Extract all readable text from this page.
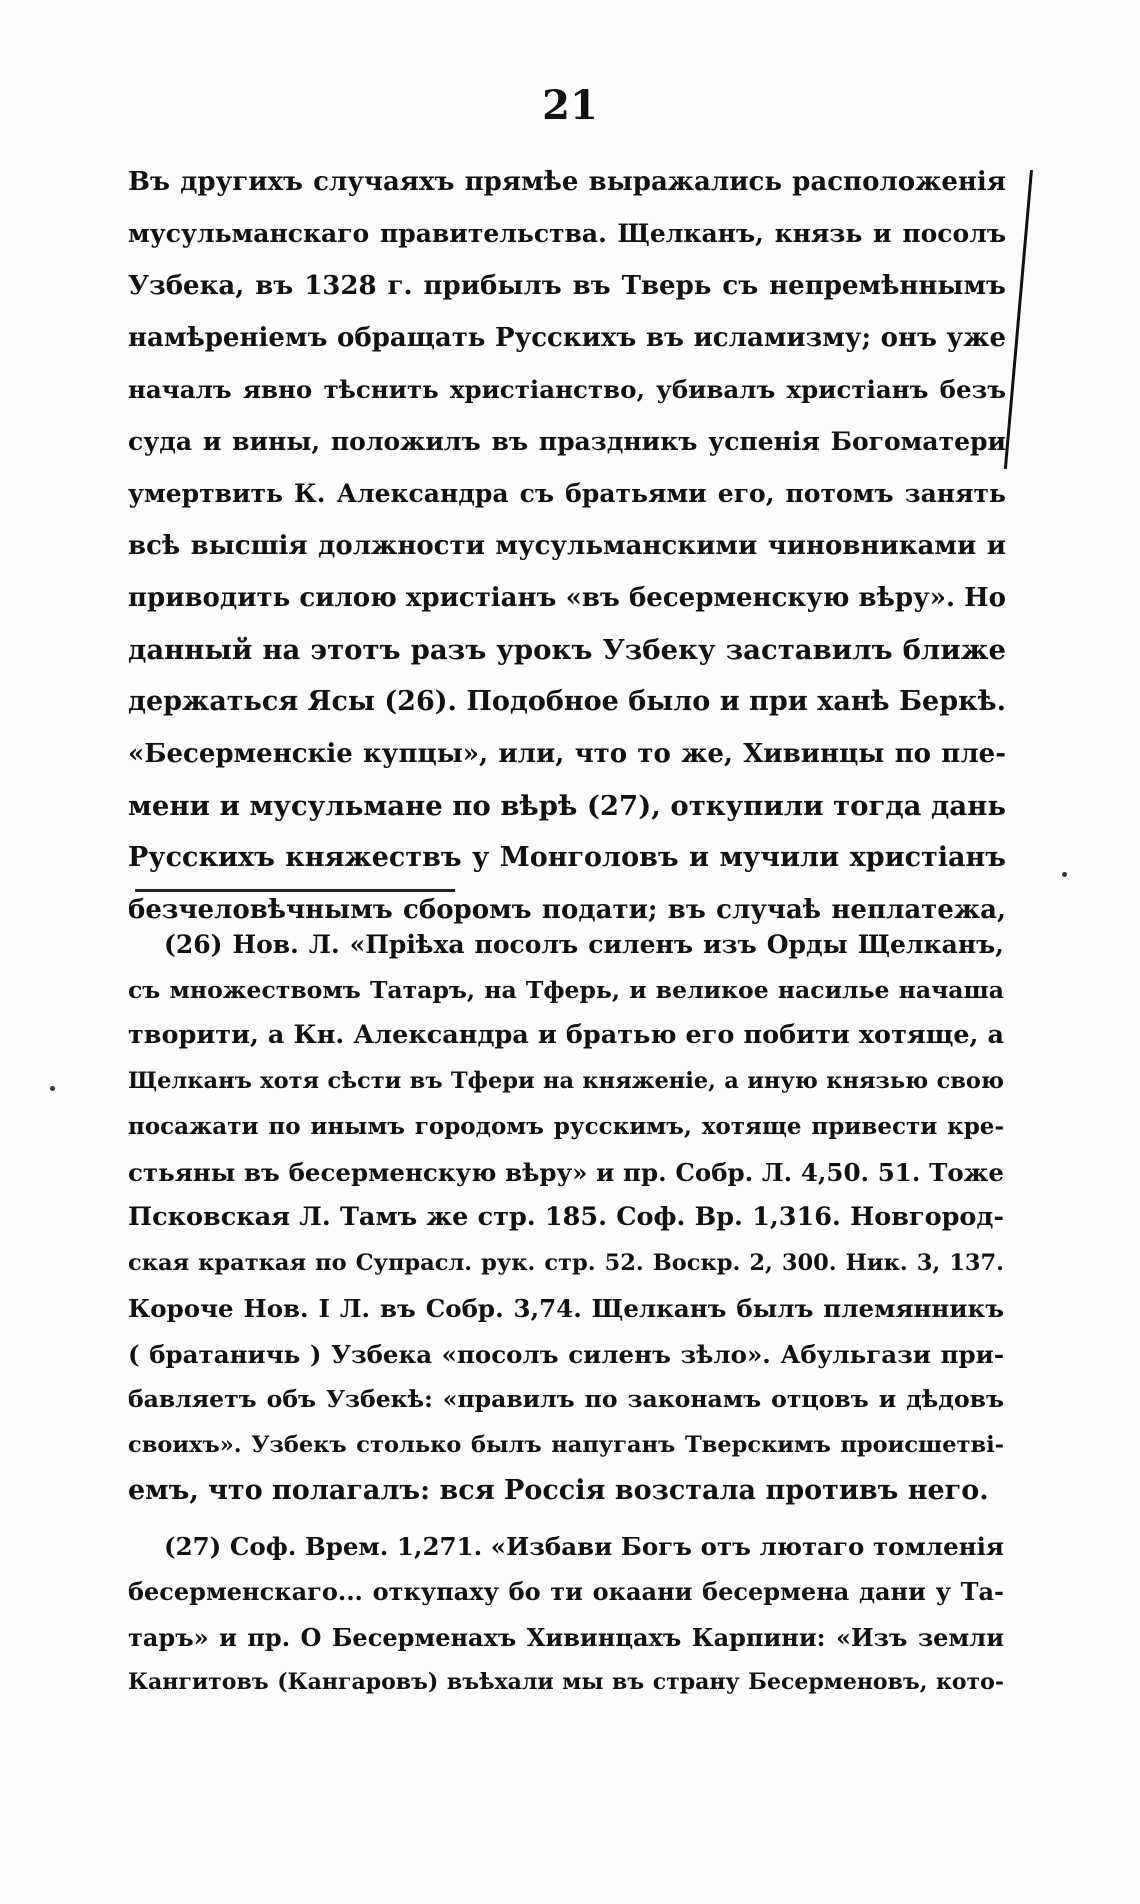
21
Въ другихъ случаяхъ прямѣе выражались расположенія
мусульманскаго правительства. Щелканъ, князь и посолъ
Узбека, въ 1328 г. прибылъ въ Тверь съ непремѣннымъ
намѣреніемъ обращать Русскихъ въ исламизму; онъ уже
началъ явно тѣснить христіанство, убивалъ христіанъ безъ
суда и вины, положилъ въ праздникъ успенія Богоматери
умертвить К. Александра съ братьями его, потомъ занять
всѣ высшія должности мусульманскими чиновниками и
приводить силою христіанъ «въ бесерменскую вѣру». Но
данный на этотъ разъ урокъ Узбеку заставилъ ближе
держаться Ясы (26). Подобное было и при ханѣ Беркѣ.
«Бесерменскіе купцы», или, что то же, Хивинцы по пле-
мени и мусульмане по вѣрѣ (27), откупили тогда дань
Русскихъ княжествъ у Монголовъ и мучили христіанъ
безчеловѣчнымъ сборомъ подати; въ случаѣ неплатежа,
(26) Нов. Л. «Пріѣха посолъ силенъ изъ Орды Щелканъ,
съ множествомъ Татаръ, на Тферь, и великое насилье начаша
творити, а Кн. Александра и братью его побити хотяще, а
Щелканъ хотя сѣсти въ Тфери на княженіе, а иную князью свою
посажати по инымъ городомъ русскимъ, хотяще привести кре-
стьяны въ бесерменскую вѣру» и пр. Собр. Л. 4,50. 51. Тоже
Псковская Л. Тамъ же стр. 185. Соф. Вр. 1,316. Новгород-
ская краткая по Супрасл. рук. стр. 52. Воскр. 2, 300. Ник. 3, 137.
Короче Нов. I Л. въ Собр. 3,74. Щелканъ былъ племянникъ
( братаничь ) Узбека «посолъ силенъ зѣло». Абульгази при-
бавляетъ объ Узбекѣ: «правилъ по законамъ отцовъ и дѣдовъ
своихъ». Узбекъ столько былъ напуганъ Тверскимъ происшетві-
емъ, что полагалъ: вся Россія возстала противъ него.
(27) Соф. Врем. 1,271. «Избави Богъ отъ лютаго томленія
бесерменскаго... откупаху бо ти окаани бесермена дани у Та-
таръ» и пр. О Бесерменахъ Хивинцахъ Карпини: «Изъ земли
Кангитовъ (Кангаровъ) въѣхали мы въ страну Бесерменовъ, кото-
